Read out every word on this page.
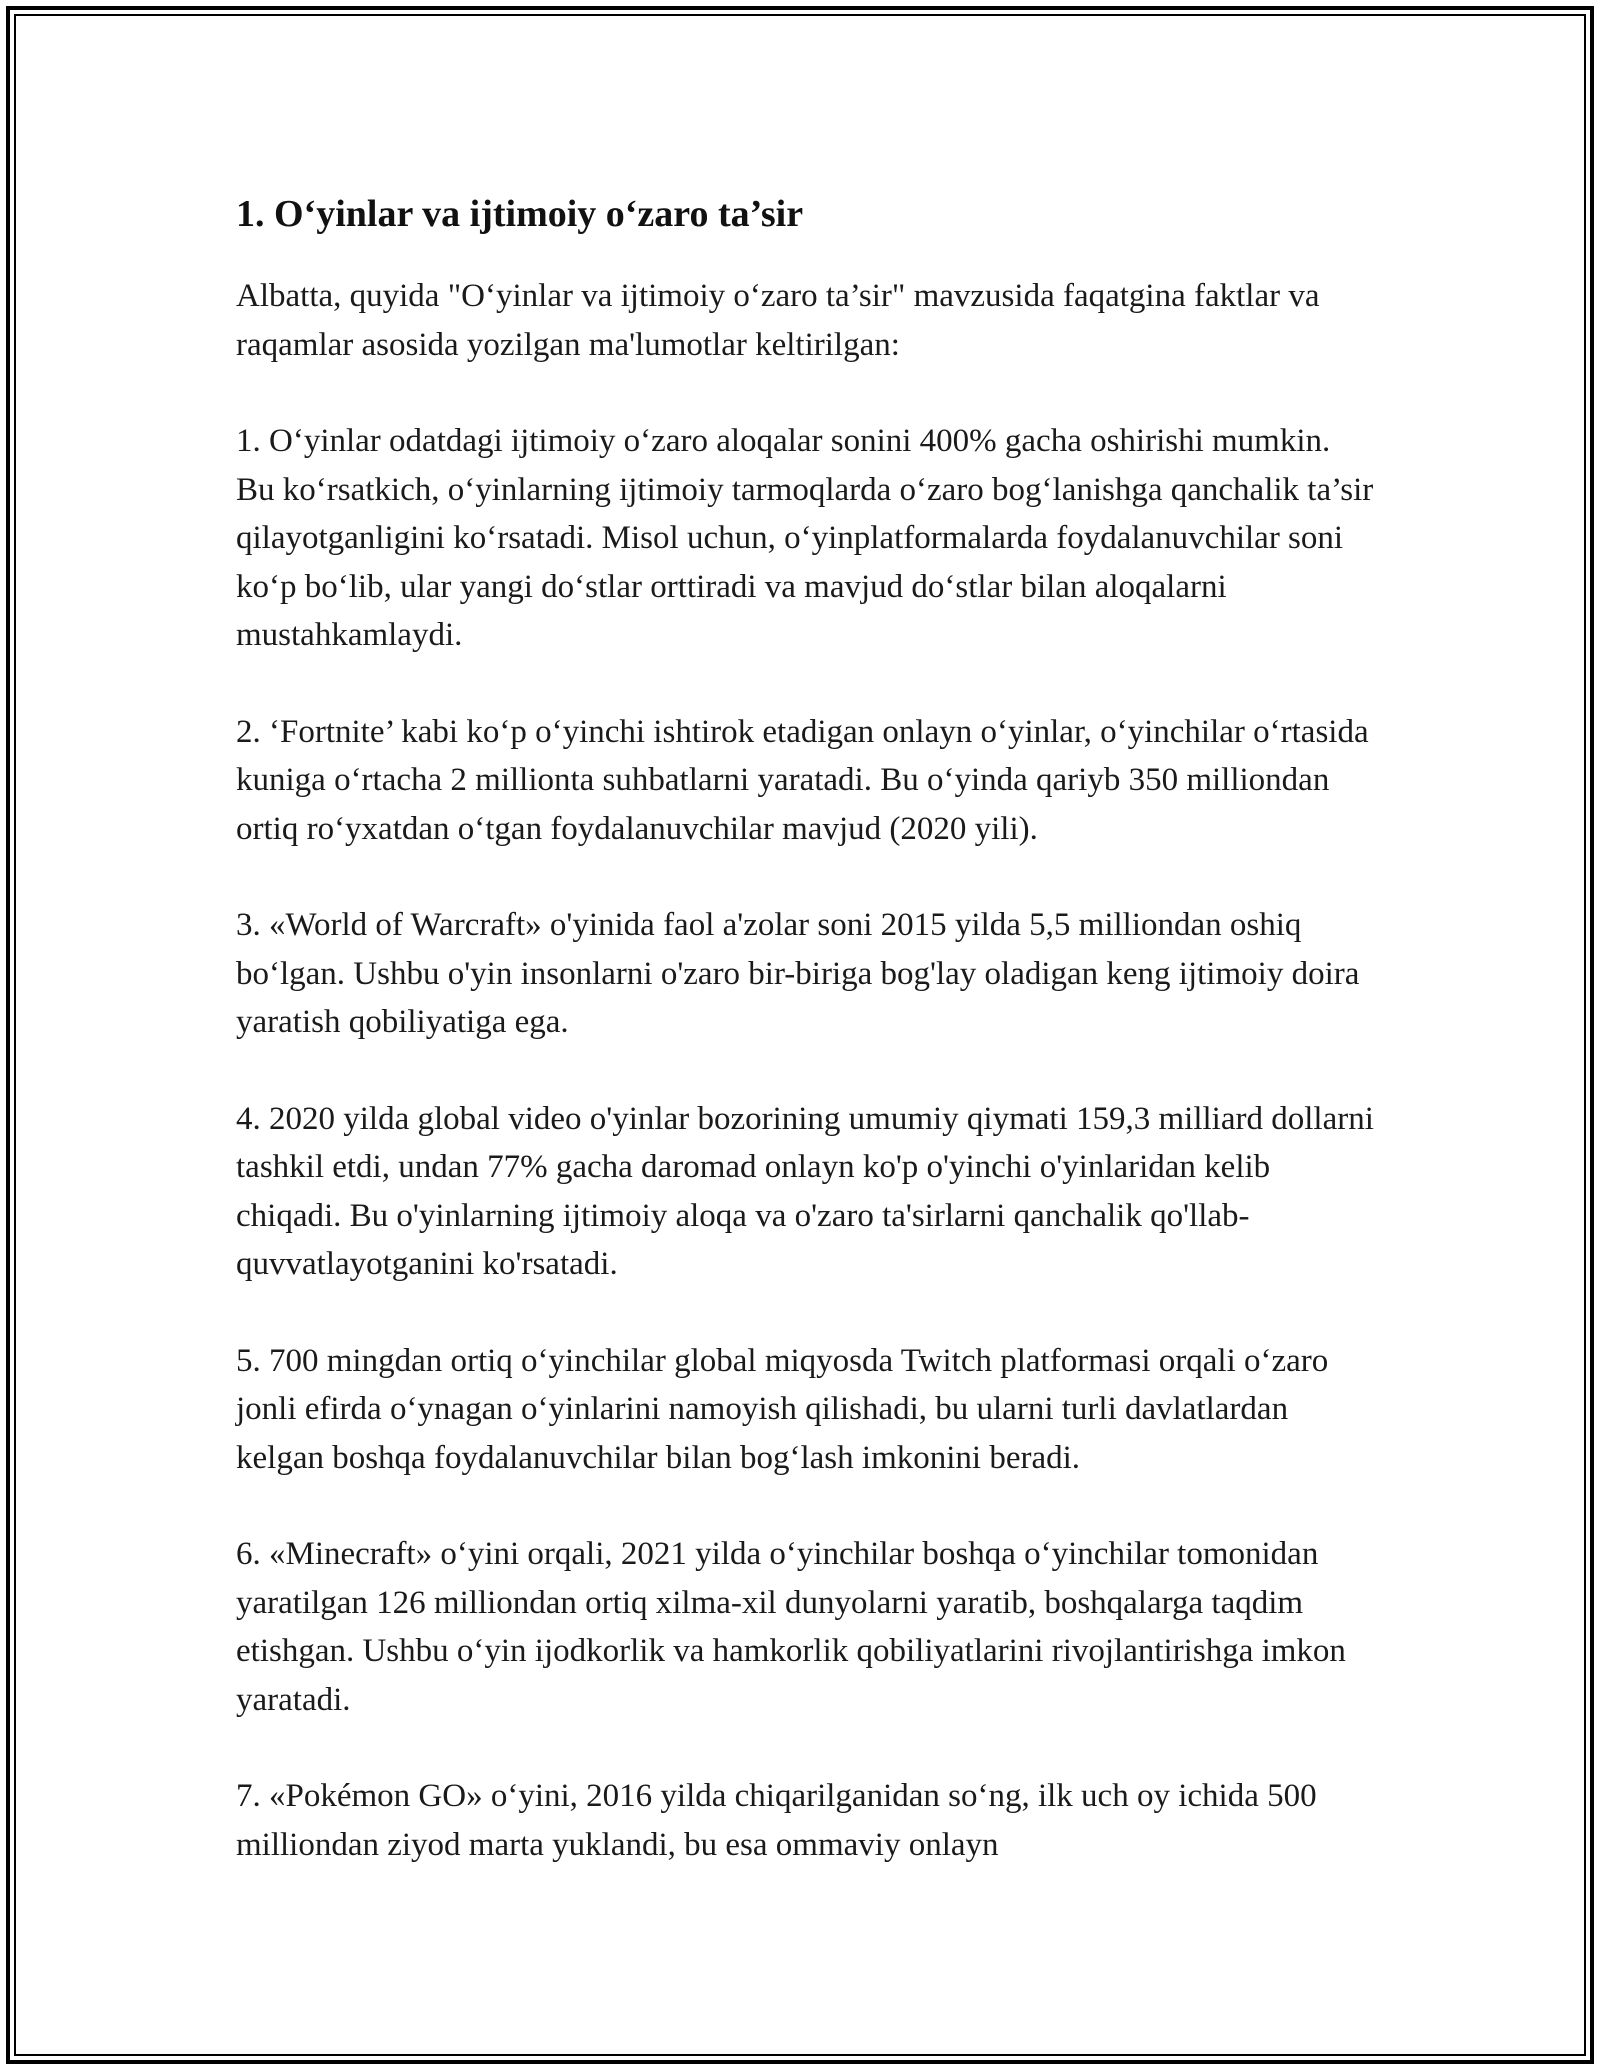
1. O‘yinlar va ijtimoiy o‘zaro ta’sir

Albatta, quyida "O‘yinlar va ijtimoiy o‘zaro ta’sir" mavzusida faqatgina faktlar va raqamlar asosida yozilgan ma'lumotlar keltirilgan:

1. O‘yinlar odatdagi ijtimoiy o‘zaro aloqalar sonini 400% gacha oshirishi mumkin. Bu ko‘rsatkich, o‘yinlarning ijtimoiy tarmoqlarda o‘zaro bog‘lanishga qanchalik ta’sir qilayotganligini ko‘rsatadi. Misol uchun, o‘yinplatformalarda foydalanuvchilar soni ko‘p bo‘lib, ular yangi do‘stlar orttiradi va mavjud do‘stlar bilan aloqalarni mustahkamlaydi.

2. ‘Fortnite’ kabi ko‘p o‘yinchi ishtirok etadigan onlayn o‘yinlar, o‘yinchilar o‘rtasida kuniga o‘rtacha 2 millionta suhbatlarni yaratadi. Bu o‘yinda qariyb 350 milliondan ortiq ro‘yxatdan o‘tgan foydalanuvchilar mavjud (2020 yili).

3. «World of Warcraft» o'yinida faol a'zolar soni 2015 yilda 5,5 milliondan oshiq bo‘lgan. Ushbu o'yin insonlarni o'zaro bir-biriga bog'lay oladigan keng ijtimoiy doira yaratish qobiliyatiga ega.

4. 2020 yilda global video o'yinlar bozorining umumiy qiymati 159,3 milliard dollarni tashkil etdi, undan 77% gacha daromad onlayn ko'p o'yinchi o'yinlaridan kelib chiqadi. Bu o'yinlarning ijtimoiy aloqa va o'zaro ta'sirlarni qanchalik qo'llab-quvvatlayotganini ko'rsatadi.

5. 700 mingdan ortiq o‘yinchilar global miqyosda Twitch platformasi orqali o‘zaro jonli efirda o‘ynagan o‘yinlarini namoyish qilishadi, bu ularni turli davlatlardan kelgan boshqa foydalanuvchilar bilan bog‘lash imkonini beradi.

6. «Minecraft» o‘yini orqali, 2021 yilda o‘yinchilar boshqa o‘yinchilar tomonidan yaratilgan 126 milliondan ortiq xilma-xil dunyolarni yaratib, boshqalarga taqdim etishgan. Ushbu o‘yin ijodkorlik va hamkorlik qobiliyatlarini rivojlantirishga imkon yaratadi.

7. «Pokémon GO» o‘yini, 2016 yilda chiqarilganidan so‘ng, ilk uch oy ichida 500 milliondan ziyod marta yuklandi, bu esa ommaviy onlayn
